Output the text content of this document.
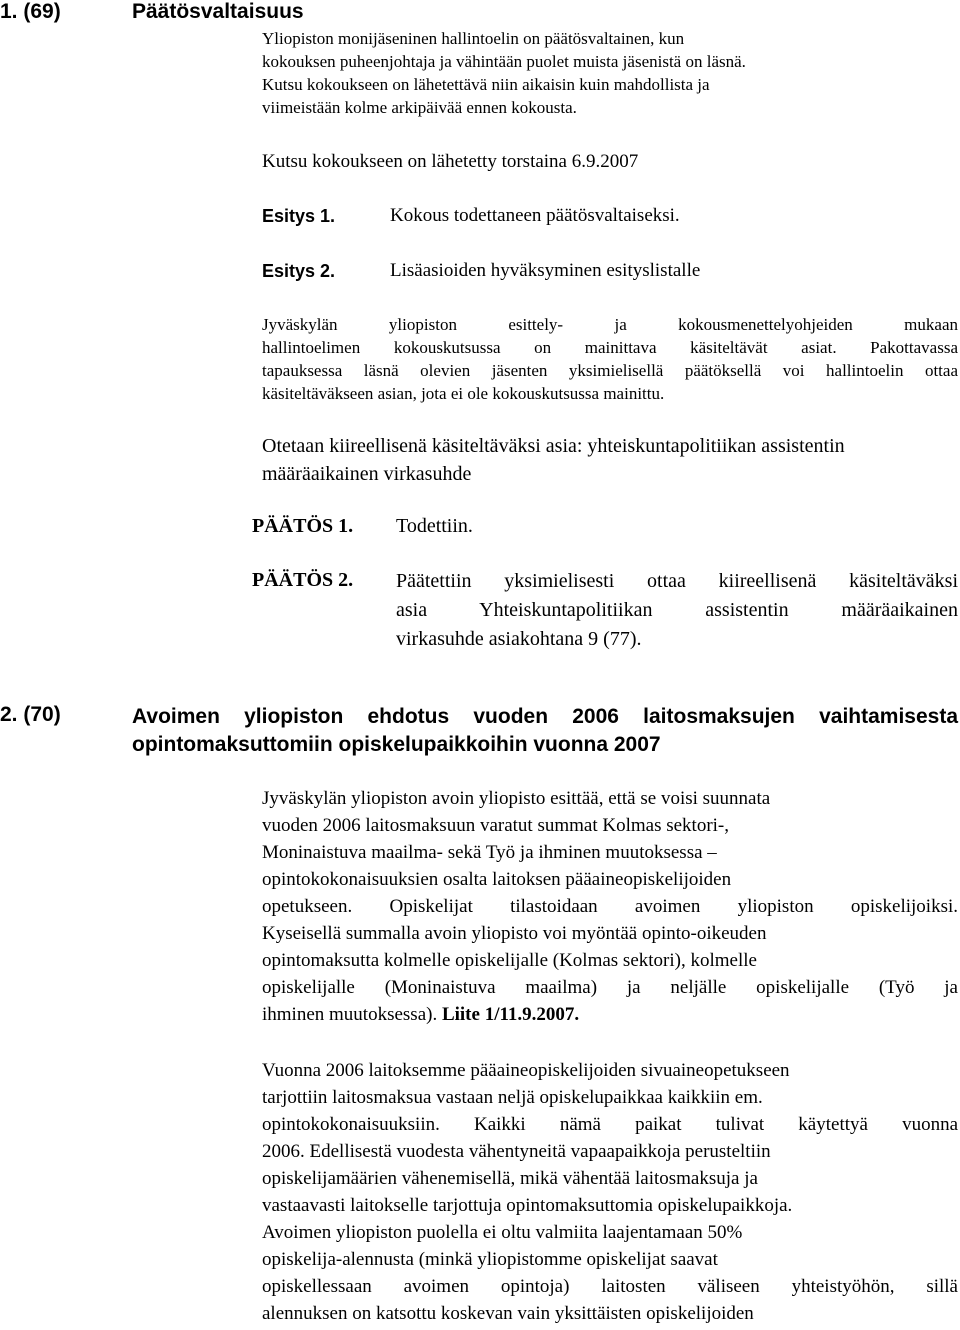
1. (69)	Päätösvaltaisuus
Yliopiston monijäseninen hallintoelin on päätösvaltainen, kun
kokouksen puheenjohtaja ja vähintään puolet muista jäsenistä on läsnä.
Kutsu kokoukseen on lähetettävä niin aikaisin kuin mahdollista ja
viimeistään kolme arkipäivää ennen kokousta.
Kutsu kokoukseen on lähetetty torstaina 6.9.2007
Esitys 1.	Kokous todettaneen päätösvaltaiseksi.
Esitys 2.	Lisäasioiden hyväksyminen esityslistalle
Jyväskylän yliopiston esittely- ja kokousmenettelyohjeiden mukaan
hallintoelimen kokouskutsussa on mainittava käsiteltävät asiat. Pakottavassa
tapauksessa läsnä olevien jäsenten yksimielisellä päätöksellä voi hallintoelin ottaa
käsiteltäväkseen asian, jota ei ole kokouskutsussa mainittu.
Otetaan kiireellisenä käsiteltäväksi asia: yhteiskuntapolitiikan assistentin
määräaikainen virkasuhde
PÄÄTÖS 1. Todettiin.
PÄÄTÖS 2. Päätettiin yksimielisesti ottaa kiireellisenä käsiteltäväksi
asia Yhteiskuntapolitiikan assistentin määräaikainen
virkasuhde asiakohtana 9 (77).
2. (70)	Avoimen yliopiston ehdotus vuoden 2006 laitosmaksujen vaihtamisesta
opintomaksuttomiin opiskelupaikkoihin vuonna 2007
Jyväskylän yliopiston avoin yliopisto esittää, että se voisi suunnata
vuoden 2006 laitosmaksuun varatut summat Kolmas sektori-,
Moninaistuva maailma- sekä Työ ja ihminen muutoksessa –
opintokokonaisuuksien osalta laitoksen pääaineopiskelijoiden
opetukseen. Opiskelijat tilastoidaan avoimen yliopiston opiskelijoiksi.
Kyseisellä summalla avoin yliopisto voi myöntää opinto-oikeuden
opintomaksutta kolmelle opiskelijalle (Kolmas sektori), kolmelle
opiskelijalle (Moninaistuva maailma) ja neljälle opiskelijalle (Työ ja
ihminen muutoksessa). Liite 1/11.9.2007.
Vuonna 2006 laitoksemme pääaineopiskelijoiden sivuaineopetukseen
tarjottiin laitosmaksua vastaan neljä opiskelupaikkaa kaikkiin em.
opintokokonaisuuksiin. Kaikki nämä paikat tulivat käytettyä vuonna
2006. Edellisestä vuodesta vähentyneitä vapaapaikkoja perusteltiin
opiskelijamäärien vähenemisellä, mikä vähentää laitosmaksuja ja
vastaavasti laitokselle tarjottuja opintomaksuttomia opiskelupaikkoja.
Avoimen yliopiston puolella ei oltu valmiita laajentamaan 50%
opiskelija-alennusta (minkä yliopistomme opiskelijat saavat
opiskellessaan avoimen opintoja) laitosten väliseen yhteistyöhön, sillä
alennuksen on katsottu koskevan vain yksittäisten opiskelijoiden
